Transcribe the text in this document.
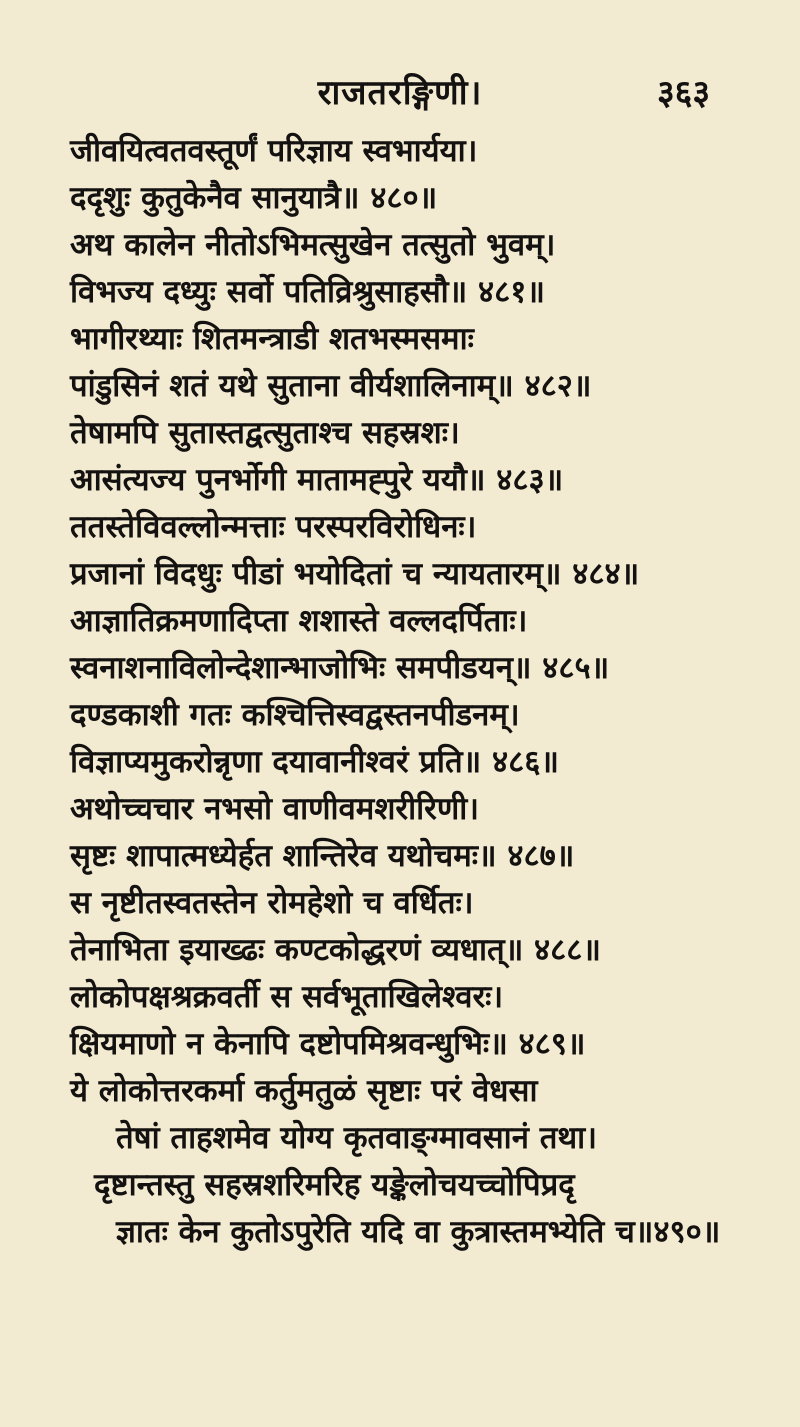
राजतरङ्गिणी।	३६३
जीवयित्वतवस्तूर्णं परिज्ञाय स्वभार्यया।
ददृशुः कुतुकेनैव सानुयात्रै॥ ४८०॥
अथ कालेन नीतोऽभिमत्सुखेन तत्सुतो भुवम्।
विभज्य दध्युः सर्वो पतिव्रिश्रुसाहसौ॥ ४८१॥
भागीरथ्याः शितमन्त्राडी शतभस्मसमाः
पांडुसिनं शतं यथे सुताना वीर्यशालिनाम्॥ ४८२॥
तेषामपि सुतास्तद्वत्सुताश्च सहस्रशः।
आसंत्यज्य पुनर्भोगी मातामह्पुरे ययौ॥ ४८३॥
ततस्तेविवल्लोन्मत्ताः परस्परविरोधिनः।
प्रजानां विदधुः पीडां भयोदितां च न्यायतारम्॥ ४८४॥
आज्ञातिक्रमणादिप्ता शशास्ते वल्लदर्पिताः।
स्वनाशनाविलोन्देशान्भाजोभिः समपीडयन्॥ ४८५॥
दण्डकाशी गतः कश्चित्तिस्वद्वस्तनपीडनम्।
विज्ञाप्यमुकरोन्नृणा दयावानीश्वरं प्रति॥ ४८६॥
अथोच्चचार नभसो वाणीवमशरीरिणी।
सृष्टः शापात्मध्येर्हत शान्तिरेव यथोचमः॥ ४८७॥
स नृष्टीतस्वतस्तेन रोमहेशो च वर्धितः।
तेनाभिता इयाख्ढः कण्टकोद्धरणं व्यधात्॥ ४८८॥
लोकोपक्षश्रक्रवर्ती स सर्वभूताखिलेश्वरः।
क्षियमाणो न केनापि दष्टोपमिश्रवन्धुभिः॥ ४८९॥
ये लोकोत्तरकर्मा कर्तुमतुळं सृष्टाः परं वेधसा
तेषां ताहशमेव योग्य कृतवाङ्ग्मावसानं तथा।
दृष्टान्तस्तु सहस्रशरिमरिह यङ्केलोचयच्चोपिप्रदृ
ज्ञातः केन कुतोऽपुरेति यदि वा कुत्रास्तमभ्येति च॥४९०॥
